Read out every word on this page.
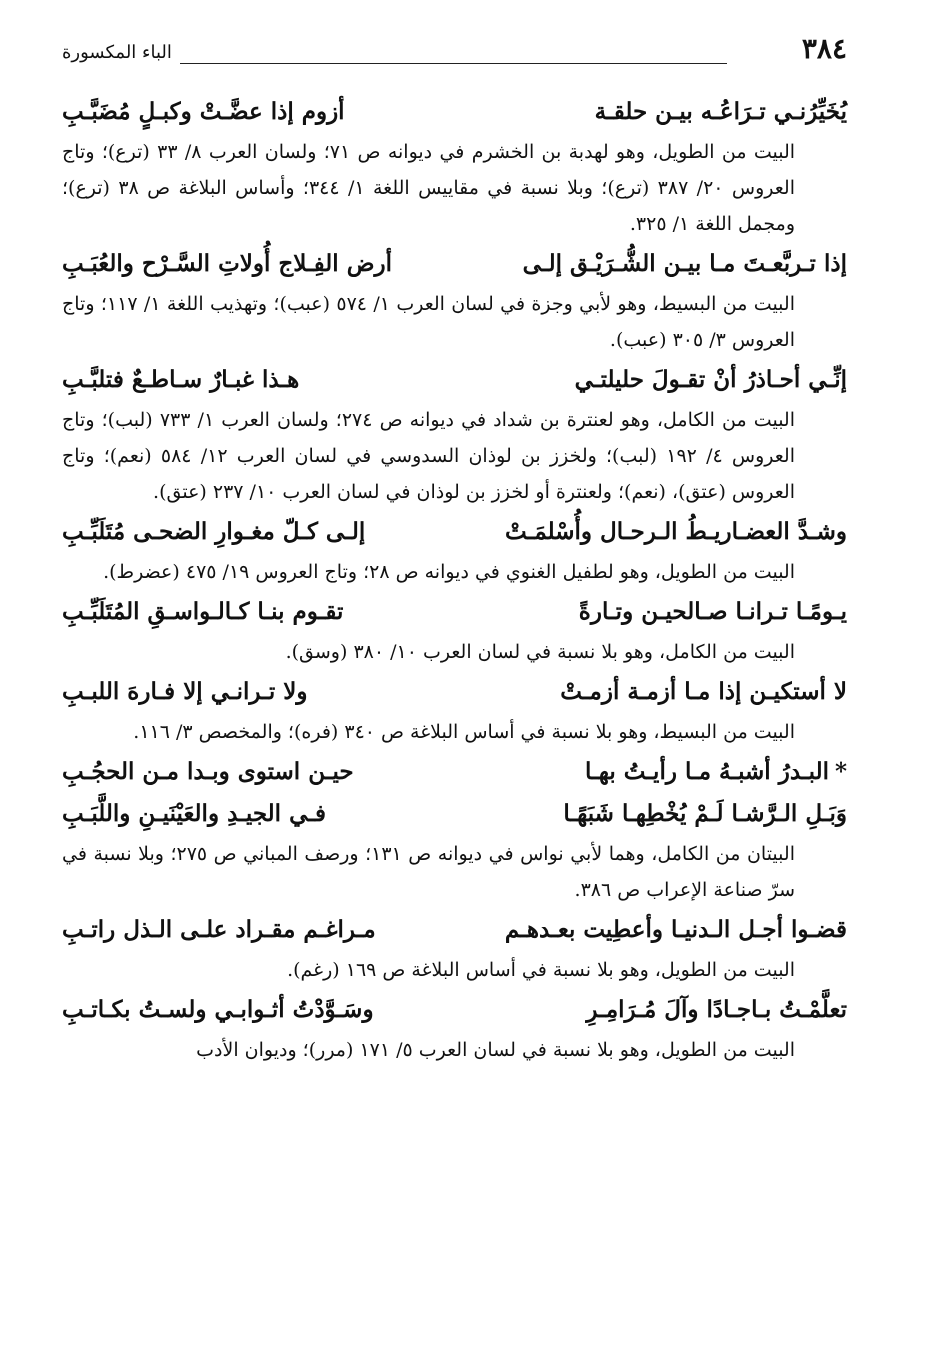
٣٨٤
الباء المكسورة
يُخَيِّرُنـي تـرَاعُـه بيـن حلقـة
أزوم إذا عضَّـتْ وكبـلٍ مُضَبَّـبِ
البيت من الطويل، وهو لهدبة بن الخشرم في ديوانه ص ٧١؛ ولسان العرب ٨/ ٣٣ (ترع)؛ وتاج العروس ٢٠/ ٣٨٧ (ترع)؛ وبلا نسبة في مقاييس اللغة ١/ ٣٤٤؛ وأساس البلاغة ص ٣٨ (ترع)؛ ومجمل اللغة ١/ ٣٢٥.
إذا تـربَّعـتَ مـا بيـن الشُّـرَيْـق إلـى
أرض الفِـلاج أُولاتِ السَّـرْح والعُبَـبِ
البيت من البسيط، وهو لأبي وجزة في لسان العرب ١/ ٥٧٤ (عبب)؛ وتهذيب اللغة ١/ ١١٧؛ وتاج العروس ٣/ ٣٠٥ (عبب).
إنِّـي أحـاذرُ أنْ تقـولَ حليلتـي
هـذا غبـارٌ سـاطـعٌ فتلبَّـبِ
البيت من الكامل، وهو لعنترة بن شداد في ديوانه ص ٢٧٤؛ ولسان العرب ١/ ٧٣٣ (لبب)؛ وتاج العروس ٤/ ١٩٢ (لبب)؛ ولخزز بن لوذان السدوسي في لسان العرب ١٢/ ٥٨٤ (نعم)؛ وتاج العروس (عتق)، (نعم)؛ ولعنترة أو لخزز بن لوذان في لسان العرب ١٠/ ٢٣٧ (عتق).
وشـدَّ العضـاريـطُ الـرحـال وأُسْلمَـتْ
إلـى كـلّ مغـوارِ الضحـى مُتَلَبِّـبِ
البيت من الطويل، وهو لطفيل الغنوي في ديوانه ص ٢٨؛ وتاج العروس ١٩/ ٤٧٥ (عضرط).
يـومًـا تـرانـا صـالحيـن وتـارةً
تقـوم بنـا كـالـواسـقِ المُتَلَبِّـبِ
البيت من الكامل، وهو بلا نسبة في لسان العرب ١٠/ ٣٨٠ (وسق).
لا أستكيـن إذا مـا أزمـة أزمـتْ
ولا تـرانـي إلا فـارهَ اللبـبِ
البيت من البسيط، وهو بلا نسبة في أساس البلاغة ص ٣٤٠ (فره)؛ والمخصص ٣/ ١١٦.
*البـدرُ أشبـهُ مـا رأيـتُ بهـا
حيـن استوى وبـدا مـن الحجُـبِ
وَبَـلِ الـرَّشـا لَـمْ يُخْطِهـا شَبَهًـا
فـي الجيـدِ والعَيْنَيـنِ واللَّبَـبِ
البيتان من الكامل، وهما لأبي نواس في ديوانه ص ١٣١؛ ورصف المباني ص ٢٧٥؛ وبلا نسبة في سرّ صناعة الإعراب ص ٣٨٦.
قضـوا أجـل الـدنيـا وأعطِيت بعـدهـم
مـراغـم مقـراد علـى الـذل راتـبِ
البيت من الطويل، وهو بلا نسبة في أساس البلاغة ص ١٦٩ (رغم).
تعلَّمْـتُ بـاجـادًا وآلَ مُـرَامِـرِ
وسَـوَّدْتُ أثـوابـي ولسـتُ بكـاتـبِ
البيت من الطويل، وهو بلا نسبة في لسان العرب ٥/ ١٧١ (مرر)؛ وديوان الأدب
